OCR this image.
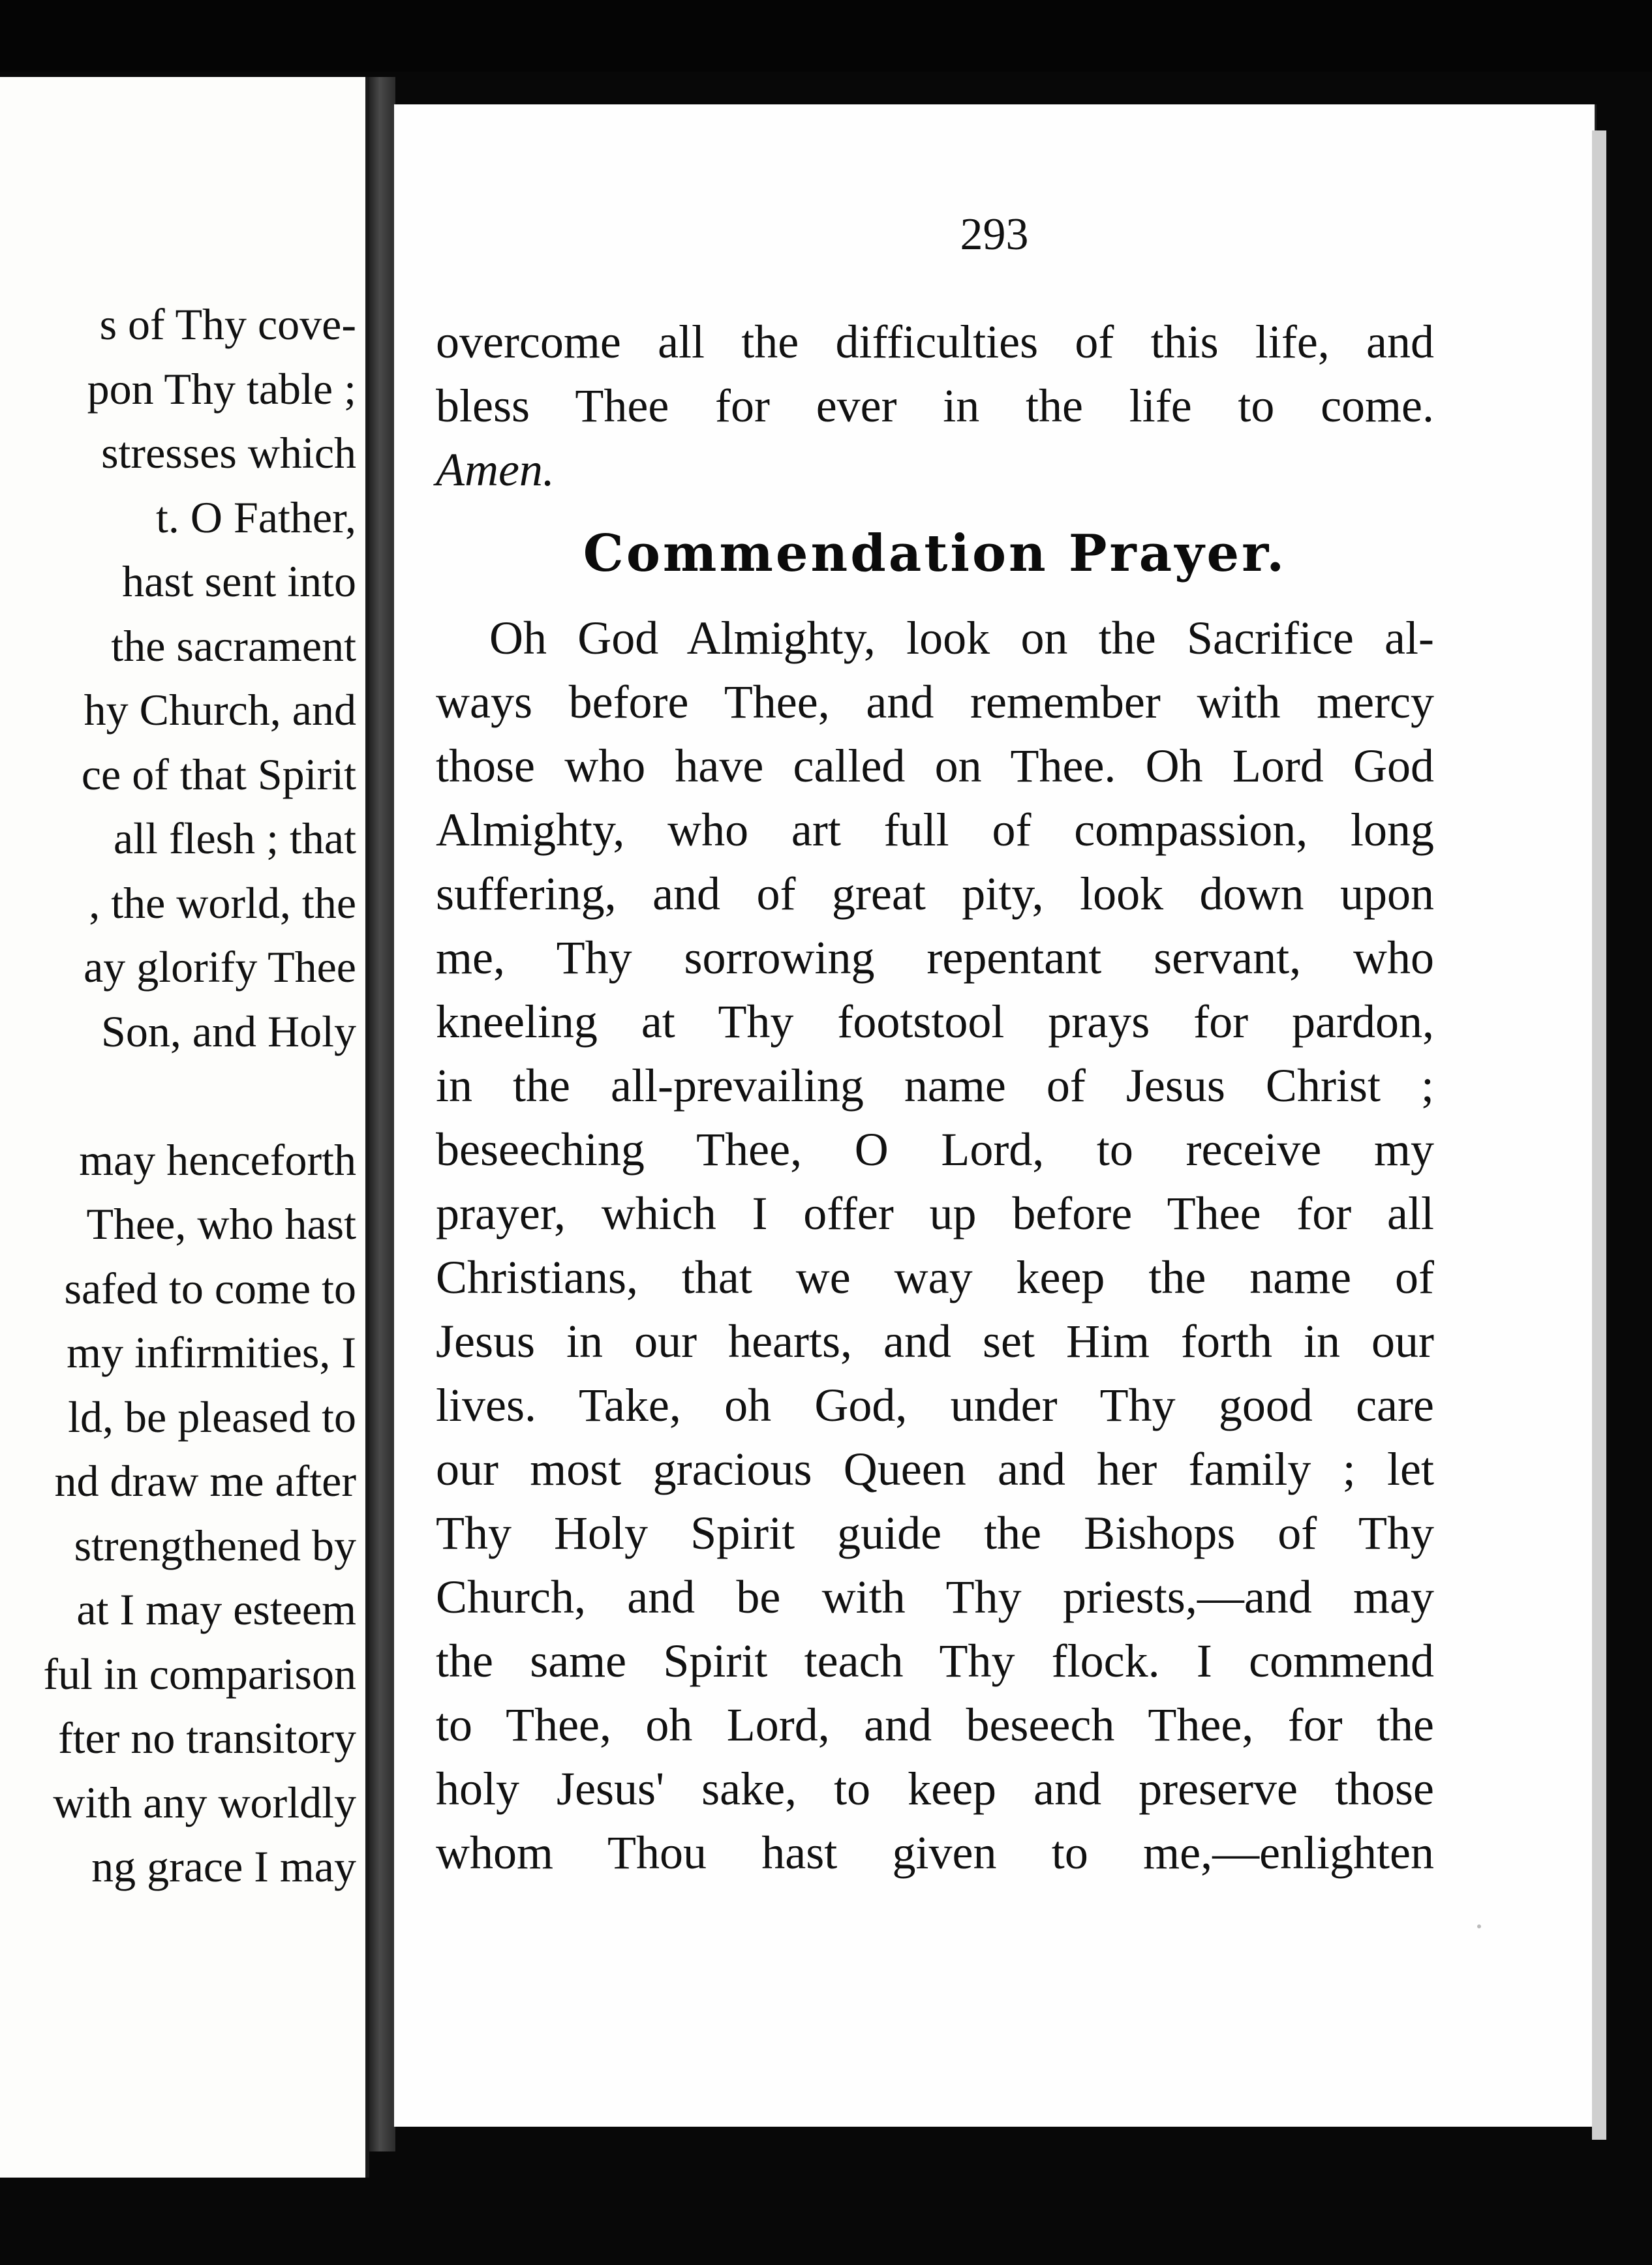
s of Thy cove-
pon Thy table ;
stresses which
t. O Father,
hast sent into
the sacrament
hy Church, and
ce of that Spirit
all flesh ; that
, the world, the
ay glorify Thee
Son, and Holy
may henceforth
Thee, who hast
safed to come to
my infirmities, I
ld, be pleased to
nd draw me after
strengthened by
at I may esteem
ful in comparison
fter no transitory
with any worldly
ng grace I may
293
overcome all the difficulties of this life, and
bless Thee for ever in the life to come.
Amen.
Commendation Prayer.
Oh God Almighty, look on the Sacrifice al-
ways before Thee, and remember with mercy
those who have called on Thee. Oh Lord God
Almighty, who art full of compassion, long
suffering, and of great pity, look down upon
me, Thy sorrowing repentant servant, who
kneeling at Thy footstool prays for pardon,
in the all-prevailing name of Jesus Christ ;
beseeching Thee, O Lord, to receive my
prayer, which I offer up before Thee for all
Christians, that we way keep the name of
Jesus in our hearts, and set Him forth in our
lives. Take, oh God, under Thy good care
our most gracious Queen and her family ; let
Thy Holy Spirit guide the Bishops of Thy
Church, and be with Thy priests,—and may
the same Spirit teach Thy flock. I commend
to Thee, oh Lord, and beseech Thee, for the
holy Jesus' sake, to keep and preserve those
whom Thou hast given to me,—enlighten
